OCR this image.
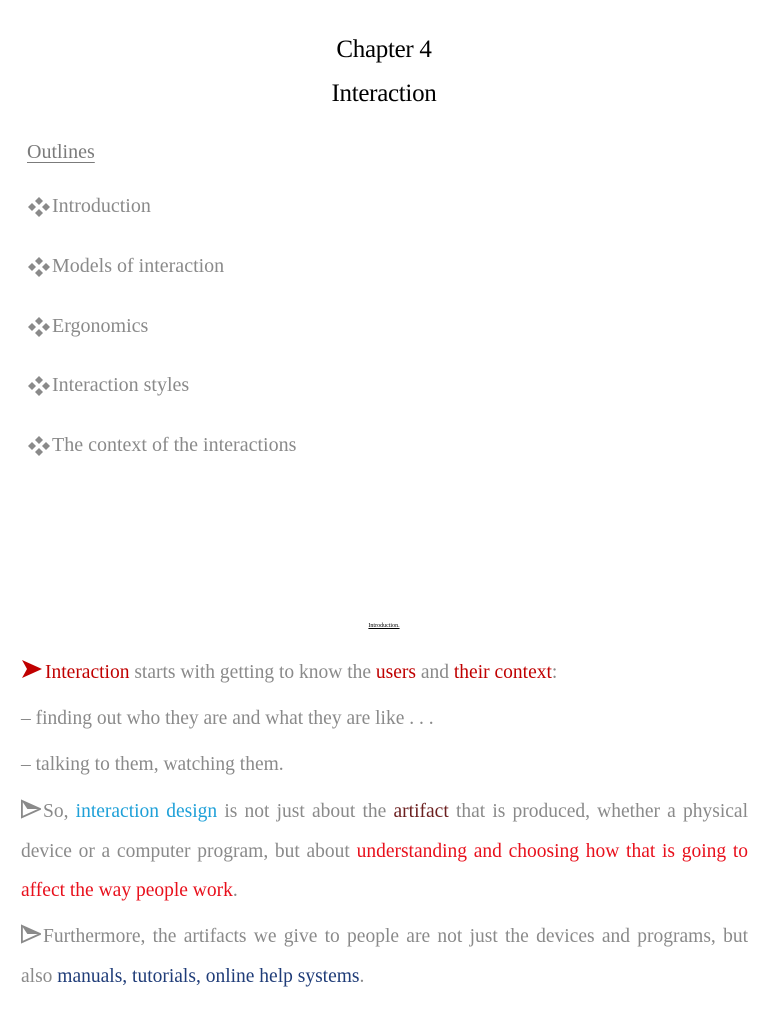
Chapter 4
Interaction
Outlines
Introduction
Models of interaction
Ergonomics
Interaction styles
The context of the interactions
Introduction.
Interaction starts with getting to know the users and their context:
– finding out who they are and what they are like . . .
– talking to them, watching them.
So, interaction design is not just about the artifact that is produced, whether a physical device or a computer program, but about understanding and choosing how that is going to affect the way people work.
Furthermore, the artifacts we give to people are not just the devices and programs, but also manuals, tutorials, online help systems.
